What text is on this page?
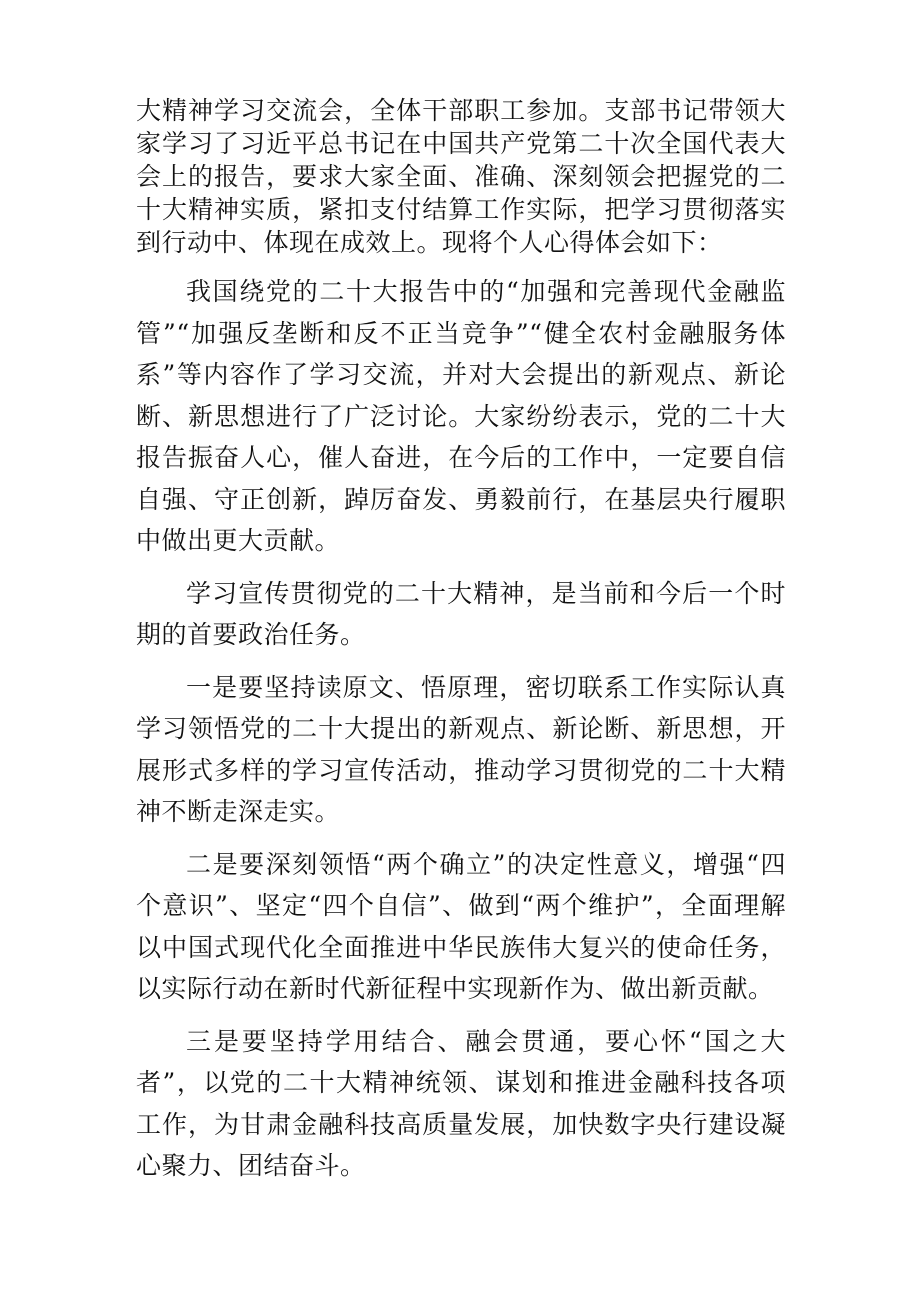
大精神学习交流会，全体干部职工参加。支部书记带领大家学习了习近平总书记在中国共产党第二十次全国代表大会上的报告，要求大家全面、准确、深刻领会把握党的二十大精神实质，紧扣支付结算工作实际，把学习贯彻落实到行动中、体现在成效上。现将个人心得体会如下：

我国绕党的二十大报告中的“加强和完善现代金融监管”“加强反垄断和反不正当竞争”“健全农村金融服务体系”等内容作了学习交流，并对大会提出的新观点、新论断、新思想进行了广泛讨论。大家纷纷表示，党的二十大报告振奋人心，催人奋进，在今后的工作中，一定要自信自强、守正创新，踔厉奋发、勇毅前行，在基层央行履职中做出更大贡献。

学习宣传贯彻党的二十大精神，是当前和今后一个时期的首要政治任务。

一是要坚持读原文、悟原理，密切联系工作实际认真学习领悟党的二十大提出的新观点、新论断、新思想，开展形式多样的学习宣传活动，推动学习贯彻党的二十大精神不断走深走实。

二是要深刻领悟“两个确立”的决定性意义，增强“四个意识”、坚定“四个自信”、做到“两个维护”，全面理解以中国式现代化全面推进中华民族伟大复兴的使命任务，以实际行动在新时代新征程中实现新作为、做出新贡献。

三是要坚持学用结合、融会贯通，要心怀“国之大者”，以党的二十大精神统领、谋划和推进金融科技各项工作，为甘肃金融科技高质量发展，加快数字央行建设凝心聚力、团结奋斗。
